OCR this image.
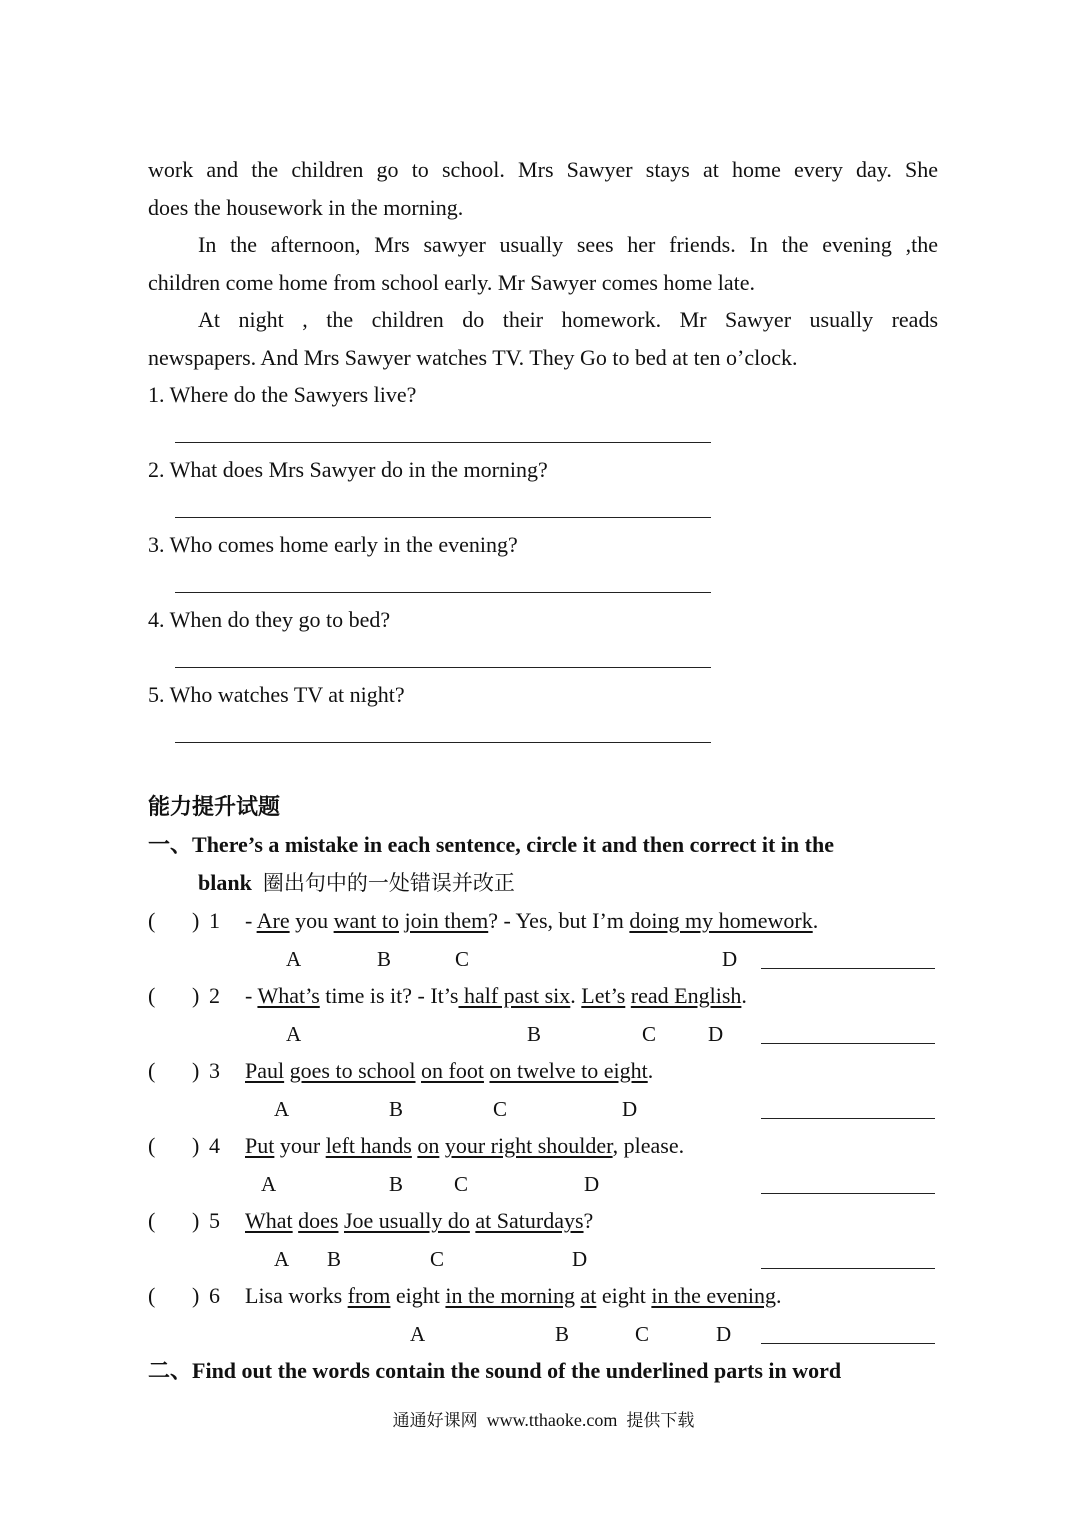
work and the children go to school. Mrs Sawyer stays at home every day. She
does the housework in the morning.
In the afternoon, Mrs sawyer usually sees her friends. In the evening ,the
children come home from school early. Mr Sawyer comes home late.
At night , the children do their homework. Mr Sawyer usually reads
newspapers. And Mrs Sawyer watches TV. They Go to bed at ten o’clock.
1. Where do the Sawyers live?
2. What does Mrs Sawyer do in the morning?
3. Who comes home early in the evening?
4. When do they go to bed?
5. Who watches TV at night?
能力提升试题
一、There’s a mistake in each sentence, circle it and then correct it in the
blank 圈出句中的一处错误并改正
( ) 1 - Are you want to join them? - Yes, but I’m doing my homework.
A	B	C	D
( ) 2 - What’s time is it? - It’s half past six. Let’s read English.
A	B	C D
( ) 3 Paul goes to school on foot on twelve to eight.
A	B	C	D
( ) 4 Put your left hands on your right shoulder, please.
A	B C	D
( ) 5 What does Joe usually do at Saturdays?
A B	C	D
( ) 6 Lisa works from eight in the morning at eight in the evening.
A	B	C	D
二、Find out the words contain the sound of the underlined parts in word
通通好课网 www.tthaoke.com 提供下载
